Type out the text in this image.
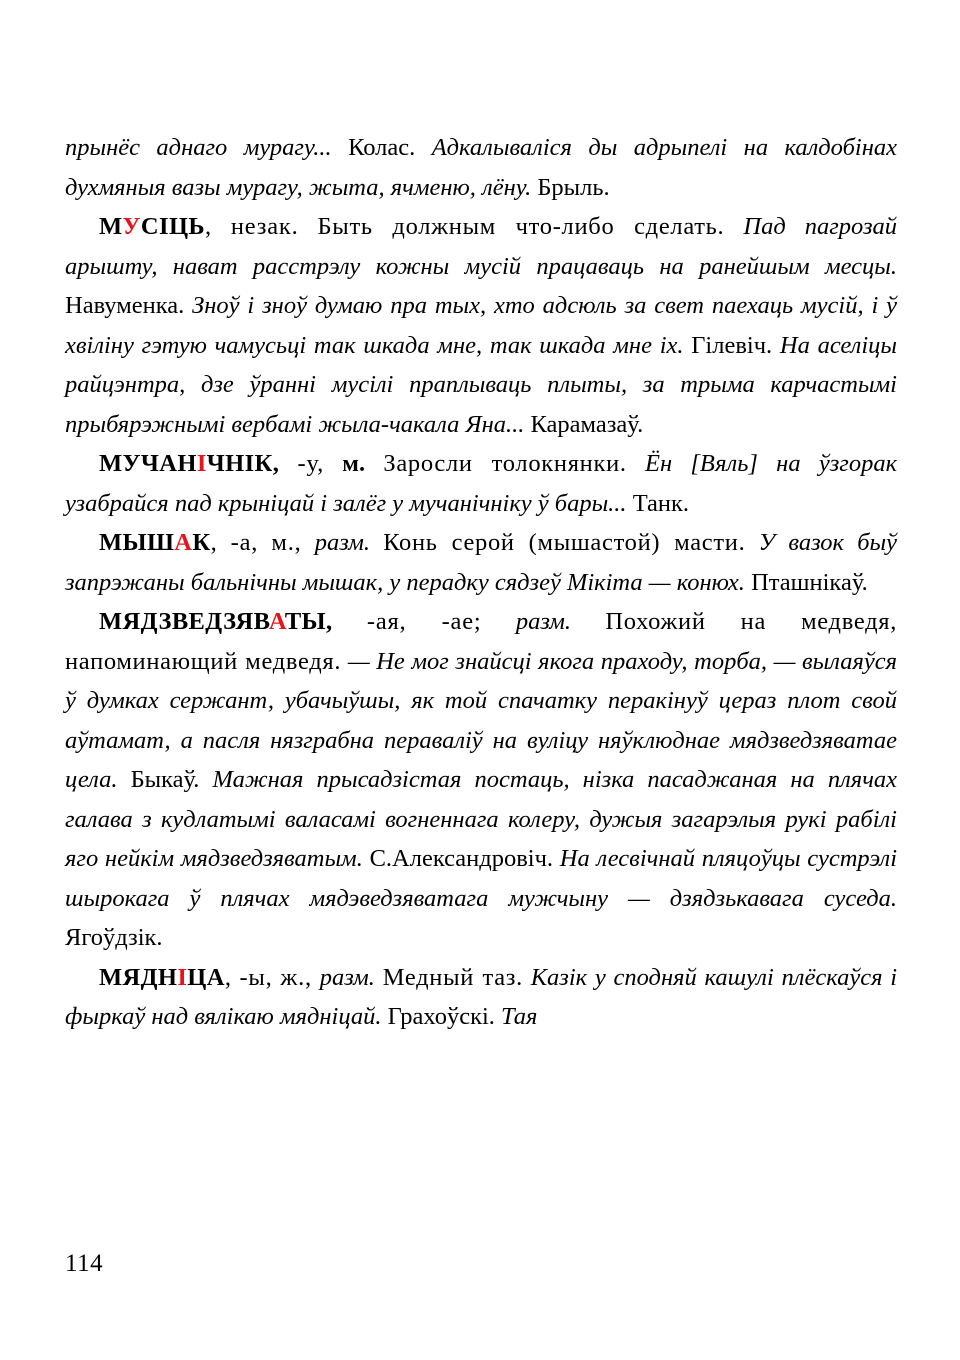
прынёс аднаго мурагу... Колас. Адкалываліся ды адрыпелі на калдобінах духмяныя вазы мурагу, жыта, ячменю, лёну. Брыль.

МУСІЦЬ, незак. Быть должным что-либо сделать. Пад пагрозай арышту, нават расстрэлу кожны мусій працаваць на ранейшым месцы. Навуменка. Зноў і зноў думаю пра тых, хто адсюль за свет паехаць мусій, і ў хвіліну гэтую чамусьці так шкада мне, так шкада мне іх. Гілевіч. На аселіцы райцэнтра, дзе ўранні мусілі праплываць плыты, за трыма карчастымі прыбярэжнымі вербамі жыла-чакала Яна... Карамазаў.

МУЧАНІЧНІК, -у, м. Заросли толокнянки. Ён [Вяль] на ўзгорак узабрайся пад крыніцай і залёг у мучанічніку ў бары... Танк.

МЫШАК, -а, м., разм. Конь серой (мышастой) масти. У вазок быў запрэжаны бальнічны мышак, у перадку сядзеў Мікіта — конюх. Пташнікаў.

МЯДЗВЕДЗЯВАТЫ, -ая, -ае; разм. Похожий на медведя, напоминающий медведя. — Не мог знайсці якога праходу, торба, — вылаяўся ў думках сержант, убачыўшы, як той спачатку перакінуў цераз плот свой аўтамат, а пасля нязграбна пераваліў на вуліцу няўклюднае мядзведзяватае цела. Быкаў. Мажная прысадзістая постаць, нізка пасаджаная на плячах галава з кудлатымі валасамі вогненнага колеру, дужыя загарэлыя рукі рабілі яго нейкім мядзведзяватым. С.Александровіч. На лесвічнай пляцоўцы сустрэлі шырокага ў плячах мядэведзяватага мужчыну — дзядзькавага суседа. Ягоўдзік.

МЯДНІЦА, -ы, ж., разм. Медный таз. Казік у сподняй кашулі плёскаўся і фыркаў над вялікаю мядніцай. Грахоўскі. Тая

114
